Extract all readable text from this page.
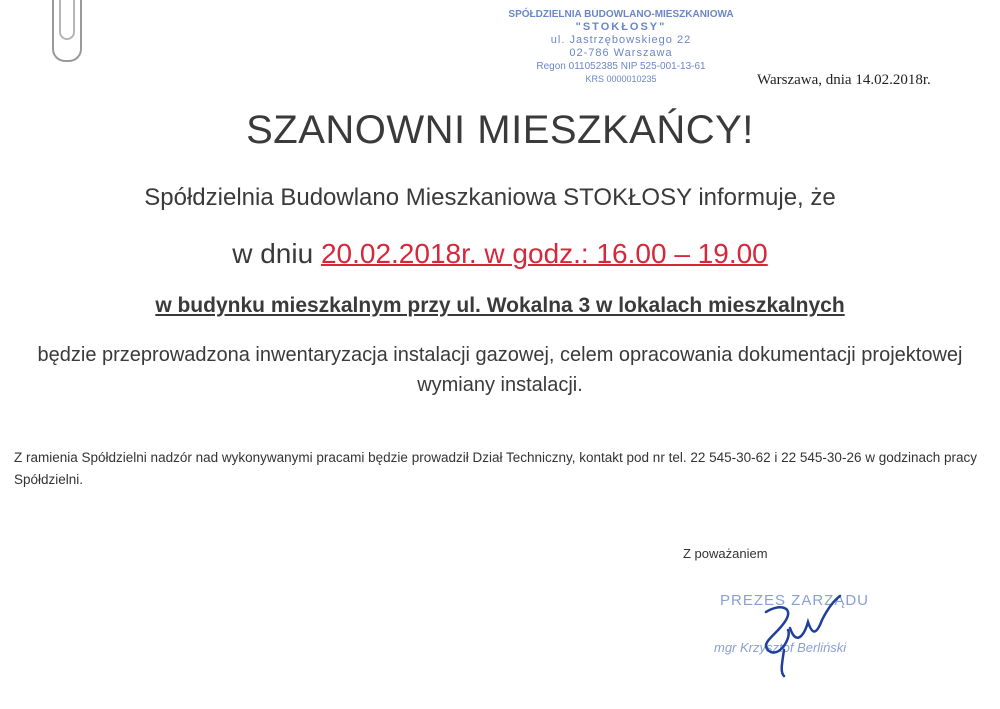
SPÓŁDZIELNIA BUDOWLANO-MIESZKANIOWA
"STOKŁOSY"
ul. Jastrzębowskiego 22
02-786 Warszawa
Regon 011052385 NIP 525-001-13-61
KRS 0000010235	Warszawa, dnia 14.02.2018r.
SZANOWNI MIESZKAŃCY!
Spółdzielnia Budowlano Mieszkaniowa STOKŁOSY informuje, że
w dniu 20.02.2018r. w godz.: 16.00 – 19.00
w budynku mieszkalnym przy ul. Wokalna 3 w lokalach mieszkalnych
będzie przeprowadzona inwentaryzacja instalacji gazowej, celem opracowania dokumentacji projektowej wymiany instalacji.
Z ramienia Spółdzielni nadzór nad wykonywanymi pracami będzie prowadził Dział Techniczny, kontakt pod nr tel. 22 545-30-62 i 22 545-30-26 w godzinach pracy Spółdzielni.
Z poważaniem
PREZES ZARZĄDU
mgr Krzysztof Berliński
